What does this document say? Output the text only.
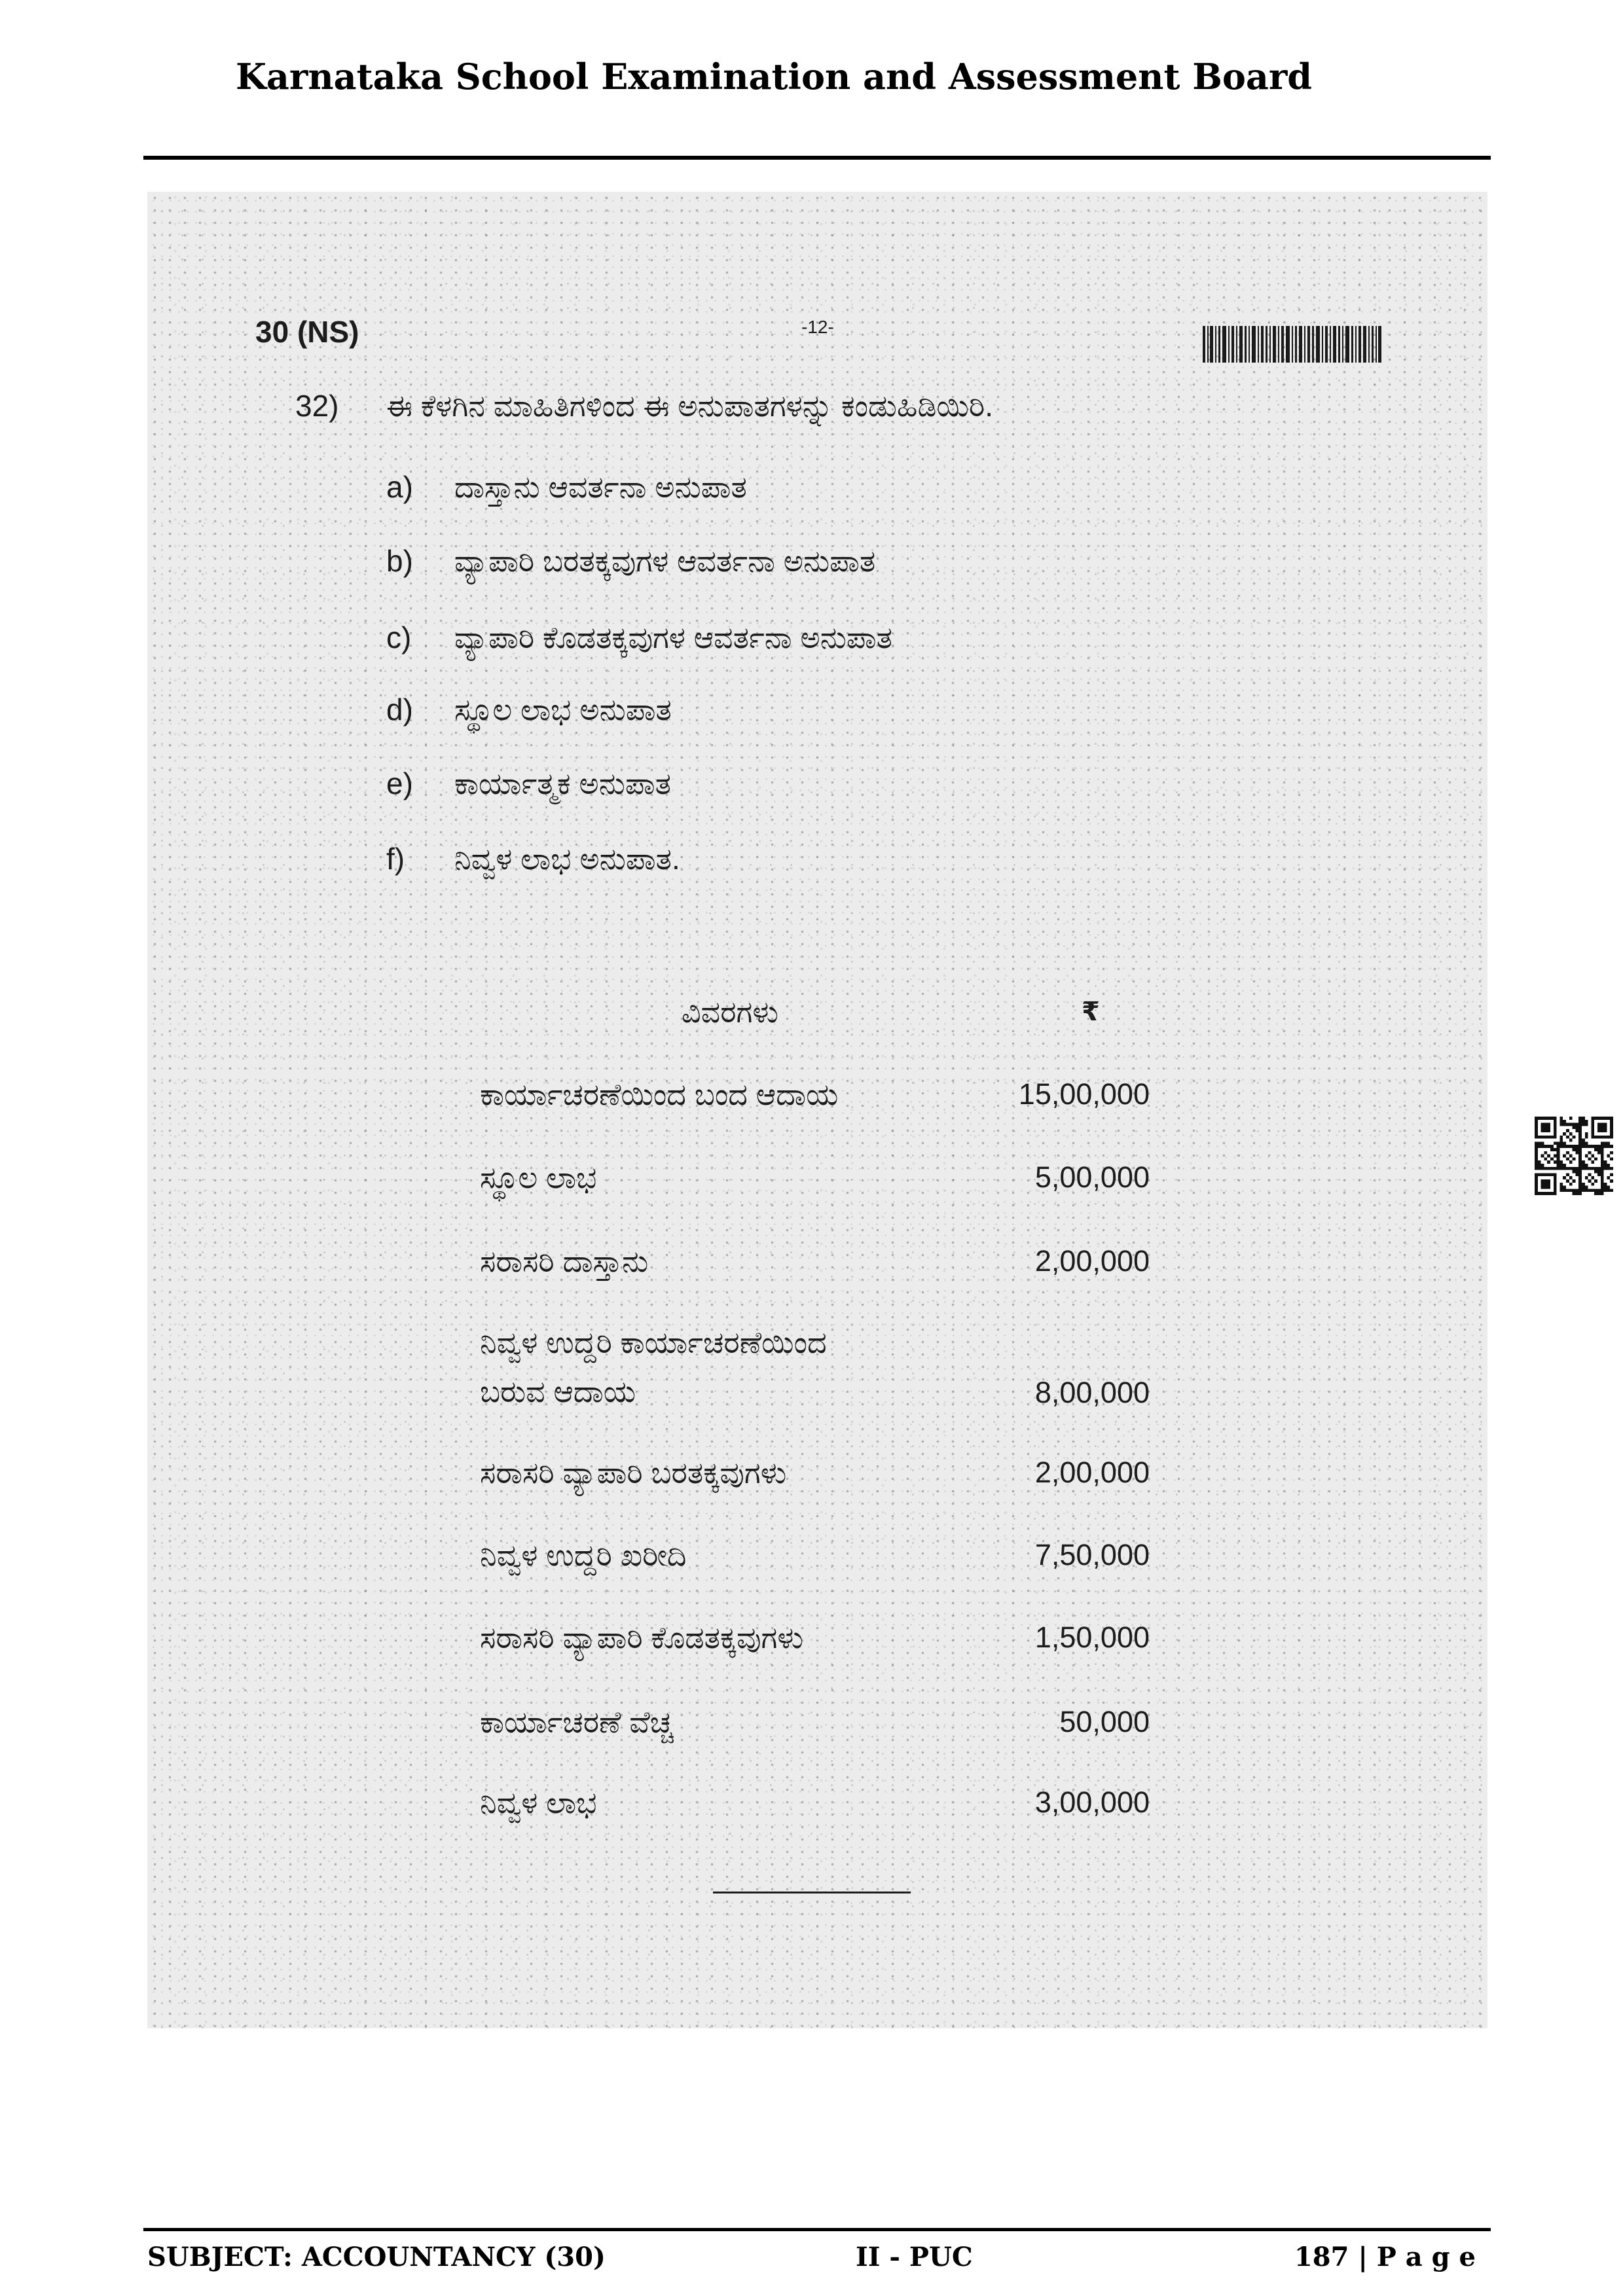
Karnataka School Examination and Assessment Board
30 (NS)	-12-
32) ಈ ಕೆಳಗಿನ ಮಾಹಿತಿಗಳಿಂದ ಈ ಅನುಪಾತಗಳನ್ನು ಕಂಡುಹಿಡಿಯಿರಿ.
a) ದಾಸ್ತಾನು ಆವರ್ತನಾ ಅನುಪಾತ
b) ವ್ಯಾಪಾರಿ ಬರತಕ್ಕವುಗಳ ಆವರ್ತನಾ ಅನುಪಾತ
c) ವ್ಯಾಪಾರಿ ಕೊಡತಕ್ಕವುಗಳ ಆವರ್ತನಾ ಅನುಪಾತ
d) ಸ್ಥೂಲ ಲಾಭ ಅನುಪಾತ
e) ಕಾರ್ಯಾತ್ಮಕ ಅನುಪಾತ
f) ನಿವ್ವಳ ಲಾಭ ಅನುಪಾತ.
ವಿವರಗಳು	₹
ಕಾರ್ಯಾಚರಣೆಯಿಂದ ಬಂದ ಆದಾಯ	15,00,000
ಸ್ಥೂಲ ಲಾಭ	5,00,000
ಸರಾಸರಿ ದಾಸ್ತಾನು	2,00,000
ನಿವ್ವಳ ಉದ್ದರಿ ಕಾರ್ಯಾಚರಣೆಯಿಂದ
ಬರುವ ಆದಾಯ	8,00,000
ಸರಾಸರಿ ವ್ಯಾಪಾರಿ ಬರತಕ್ಕವುಗಳು	2,00,000
ನಿವ್ವಳ ಉದ್ದರಿ ಖರೀದಿ	7,50,000
ಸರಾಸರಿ ವ್ಯಾಪಾರಿ ಕೊಡತಕ್ಕವುಗಳು	1,50,000
ಕಾರ್ಯಾಚರಣೆ ವೆಚ್ಚ	50,000
ನಿವ್ವಳ ಲಾಭ	3,00,000
SUBJECT: ACCOUNTANCY (30)	II - PUC	187 | P a g e
